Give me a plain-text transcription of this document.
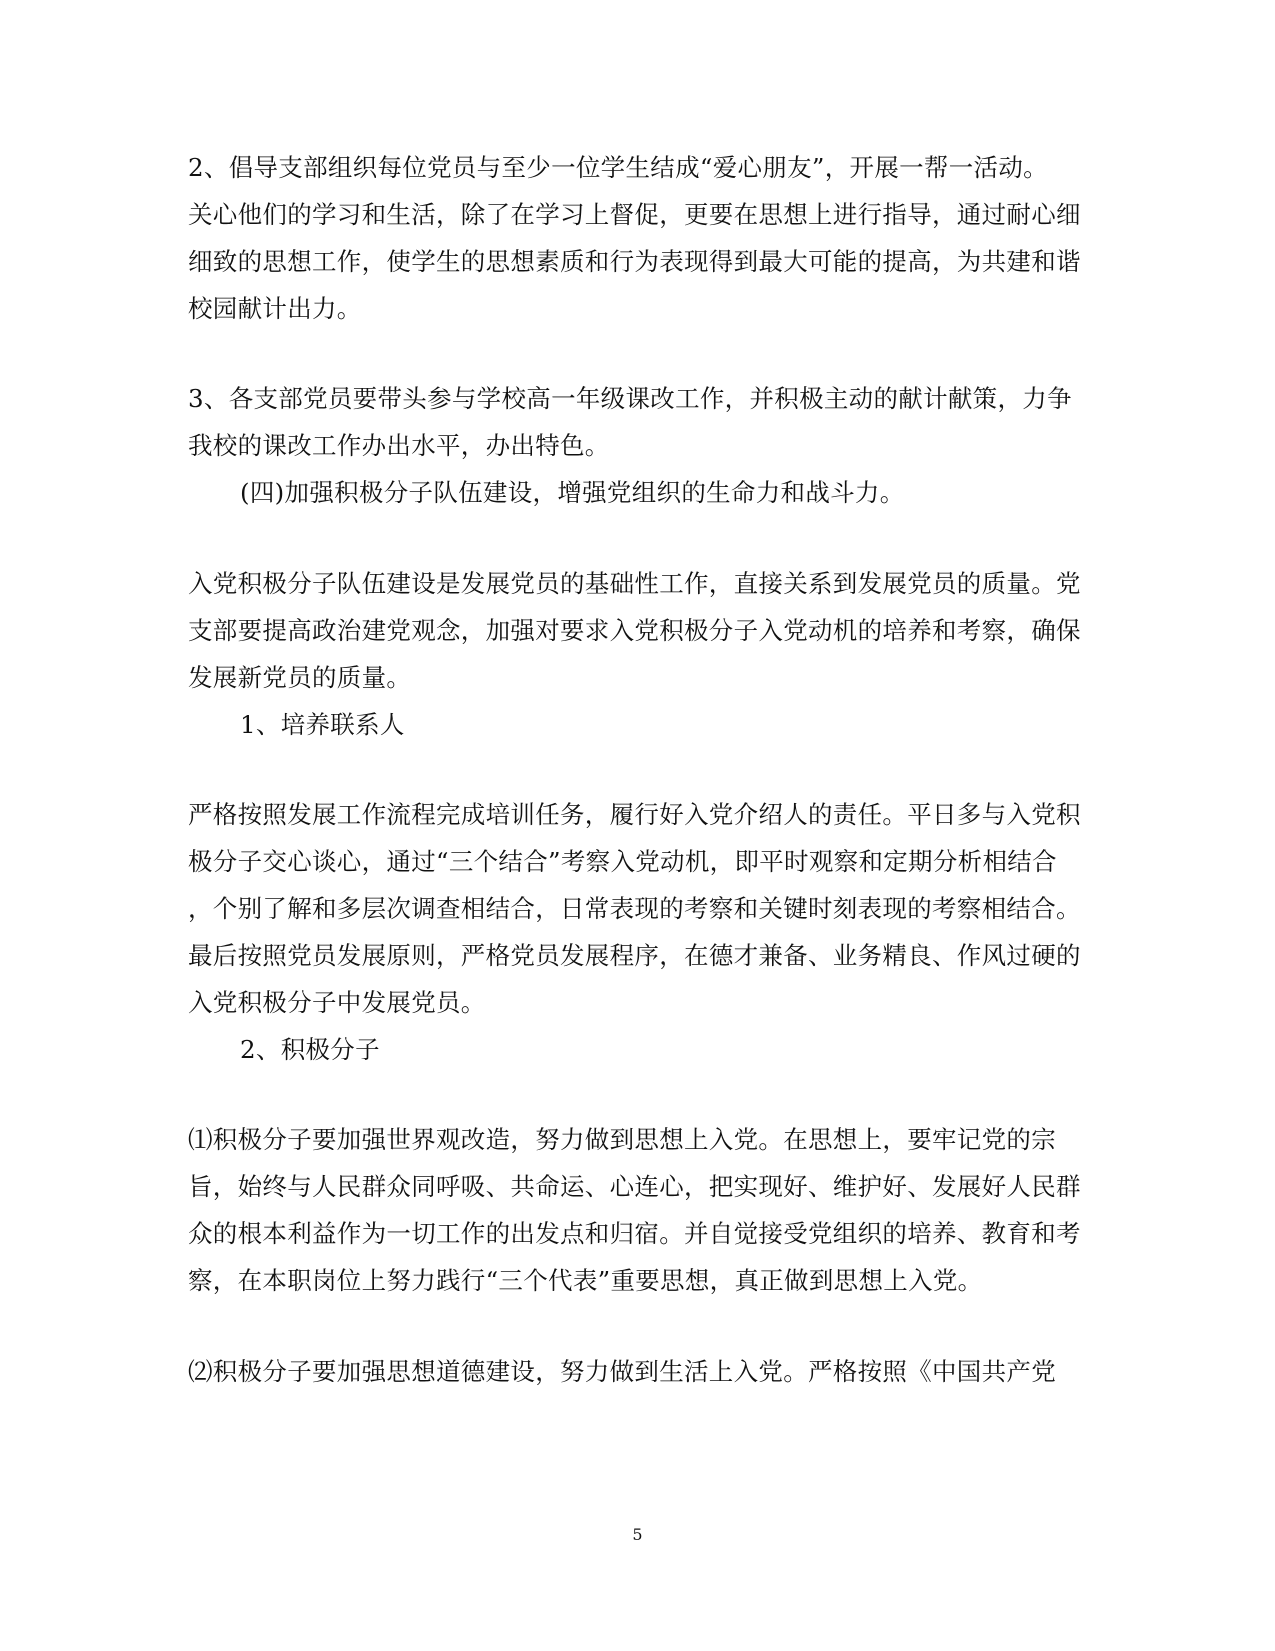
2、倡导支部组织每位党员与至少一位学生结成“爱心朋友”，开展一帮一活动。
关心他们的学习和生活，除了在学习上督促，更要在思想上进行指导，通过耐心细
细致的思想工作，使学生的思想素质和行为表现得到最大可能的提高，为共建和谐
校园献计出力。
3、各支部党员要带头参与学校高一年级课改工作，并积极主动的献计献策，力争
我校的课改工作办出水平，办出特色。
(四)加强积极分子队伍建设，增强党组织的生命力和战斗力。
入党积极分子队伍建设是发展党员的基础性工作，直接关系到发展党员的质量。党
支部要提高政治建党观念，加强对要求入党积极分子入党动机的培养和考察，确保
发展新党员的质量。
1、培养联系人
严格按照发展工作流程完成培训任务，履行好入党介绍人的责任。平日多与入党积
极分子交心谈心，通过“三个结合”考察入党动机，即平时观察和定期分析相结合
，个别了解和多层次调查相结合，日常表现的考察和关键时刻表现的考察相结合。
最后按照党员发展原则，严格党员发展程序，在德才兼备、业务精良、作风过硬的
入党积极分子中发展党员。
2、积极分子
⑴积极分子要加强世界观改造，努力做到思想上入党。在思想上，要牢记党的宗
旨，始终与人民群众同呼吸、共命运、心连心，把实现好、维护好、发展好人民群
众的根本利益作为一切工作的出发点和归宿。并自觉接受党组织的培养、教育和考
察，在本职岗位上努力践行“三个代表”重要思想，真正做到思想上入党。
⑵积极分子要加强思想道德建设，努力做到生活上入党。严格按照《中国共产党
5
